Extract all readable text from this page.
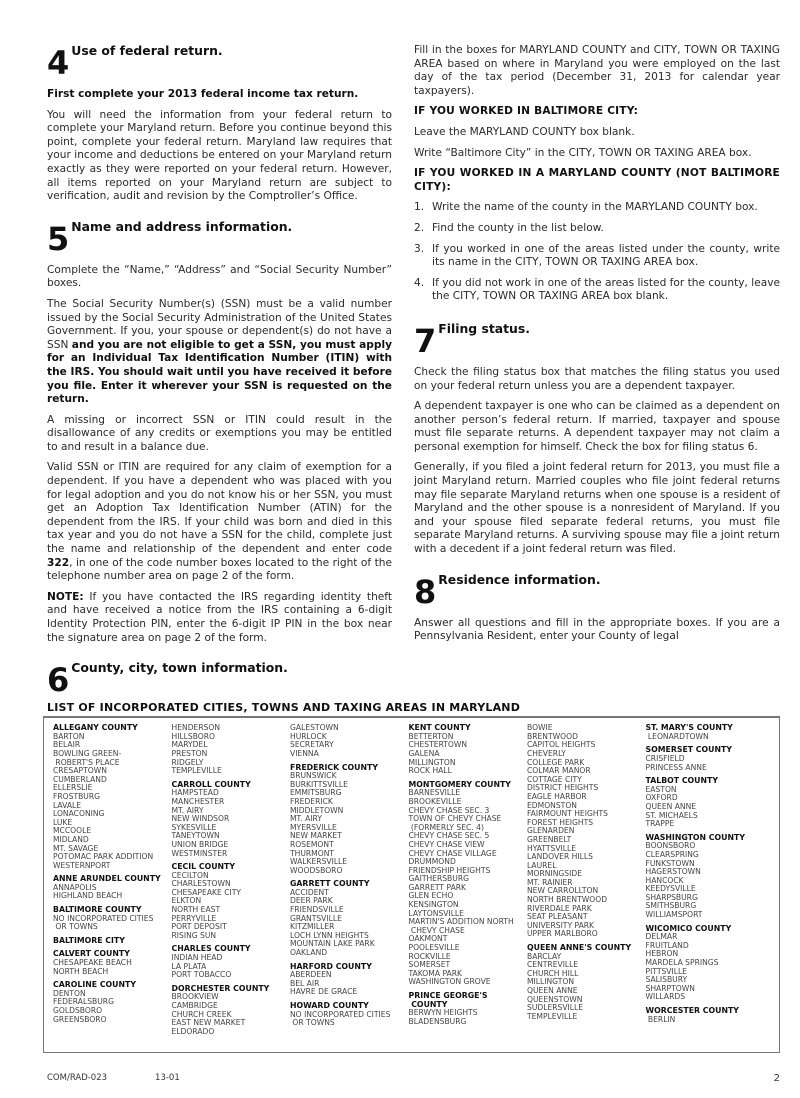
4 Use of federal return.

First complete your 2013 federal income tax return.

You will need the information from your federal return to complete your Maryland return. Before you continue beyond this point, complete your federal return. Maryland law requires that your income and deductions be entered on your Maryland return exactly as they were reported on your federal return. However, all items reported on your Maryland return are subject to verification, audit and revision by the Comptroller’s Office.

5 Name and address information.

Complete the “Name,” “Address” and “Social Security Number” boxes.

The Social Security Number(s) (SSN) must be a valid number issued by the Social Security Administration of the United States Government. If you, your spouse or dependent(s) do not have a SSN and you are not eligible to get a SSN, you must apply for an Individual Tax Identification Number (ITIN) with the IRS. You should wait until you have received it before you file. Enter it wherever your SSN is requested on the return.

A missing or incorrect SSN or ITIN could result in the disallowance of any credits or exemptions you may be entitled to and result in a balance due.

Valid SSN or ITIN are required for any claim of exemption for a dependent. If you have a dependent who was placed with you for legal adoption and you do not know his or her SSN, you must get an Adoption Tax Identification Number (ATIN) for the dependent from the IRS. If your child was born and died in this tax year and you do not have a SSN for the child, complete just the name and relationship of the dependent and enter code 322, in one of the code number boxes located to the right of the telephone number area on page 2 of the form.

NOTE: If you have contacted the IRS regarding identity theft and have received a notice from the IRS containing a 6-digit Identity Protection PIN, enter the 6-digit IP PIN in the box near the signature area on page 2 of the form.

6 County, city, town information.

Fill in the boxes for MARYLAND COUNTY and CITY, TOWN OR TAXING AREA based on where in Maryland you were employed on the last day of the tax period (December 31, 2013 for calendar year taxpayers).

IF YOU WORKED IN BALTIMORE CITY:

Leave the MARYLAND COUNTY box blank.

Write “Baltimore City” in the CITY, TOWN OR TAXING AREA box.

IF YOU WORKED IN A MARYLAND COUNTY (NOT BALTIMORE CITY):
1. Write the name of the county in the MARYLAND COUNTY box.
2. Find the county in the list below.
3. If you worked in one of the areas listed under the county, write its name in the CITY, TOWN OR TAXING AREA box.
4. If you did not work in one of the areas listed for the county, leave the CITY, TOWN OR TAXING AREA box blank.
7 Filing status.

Check the filing status box that matches the filing status you used on your federal return unless you are a dependent taxpayer.

A dependent taxpayer is one who can be claimed as a dependent on another person’s federal return. If married, taxpayer and spouse must file separate returns. A dependent taxpayer may not claim a personal exemption for himself. Check the box for filing status 6.

Generally, if you filed a joint federal return for 2013, you must file a joint Maryland return. Married couples who file joint federal returns may file separate Maryland returns when one spouse is a resident of Maryland and the other spouse is a nonresident of Maryland. If you and your spouse filed separate federal returns, you must file separate Maryland returns. A surviving spouse may file a joint return with a decedent if a joint federal return was filed.

8 Residence information.

Answer all questions and fill in the appropriate boxes. If you are a Pennsylvania Resident, enter your County of legal

LIST OF INCORPORATED CITIES, TOWNS AND TAXING AREAS IN MARYLAND
ALLEGANY COUNTY
BARTON
BELAIR
BOWLING GREEN-
ROBERT'S PLACE
CRESAPTOWN
CUMBERLAND
ELLERSLIE
FROSTBURG
LAVALE
LONACONING
LUKE
MCCOOLE
MIDLAND
MT. SAVAGE
POTOMAC PARK ADDITION
WESTERNPORT
ANNE ARUNDEL COUNTY
ANNAPOLIS
HIGHLAND BEACH
BALTIMORE COUNTY
NO INCORPORATED CITIES
OR TOWNS
BALTIMORE CITY
CALVERT COUNTY
CHESAPEAKE BEACH
NORTH BEACH
CAROLINE COUNTY
DENTON
FEDERALSBURG
GOLDSBORO
GREENSBORO
HENDERSON
HILLSBORO
MARYDEL
PRESTON
RIDGELY
TEMPLEVILLE
CARROLL COUNTY
HAMPSTEAD
MANCHESTER
MT. AIRY
NEW WINDSOR
SYKESVILLE
TANEYTOWN
UNION BRIDGE
WESTMINSTER
CECIL COUNTY
CECILTON
CHARLESTOWN
CHESAPEAKE CITY
ELKTON
NORTH EAST
PERRYVILLE
PORT DEPOSIT
RISING SUN
CHARLES COUNTY
INDIAN HEAD
LA PLATA
PORT TOBACCO
DORCHESTER COUNTY
BROOKVIEW
CAMBRIDGE
CHURCH CREEK
EAST NEW MARKET
ELDORADO
GALESTOWN
HURLOCK
SECRETARY
VIENNA
FREDERICK COUNTY
BRUNSWICK
BURKITTSVILLE
EMMITSBURG
FREDERICK
MIDDLETOWN
MT. AIRY
MYERSVILLE
NEW MARKET
ROSEMONT
THURMONT
WALKERSVILLE
WOODSBORO
GARRETT COUNTY
ACCIDENT
DEER PARK
FRIENDSVILLE
GRANTSVILLE
KITZMILLER
LOCH LYNN HEIGHTS
MOUNTAIN LAKE PARK
OAKLAND
HARFORD COUNTY
ABERDEEN
BEL AIR
HAVRE DE GRACE
HOWARD COUNTY
NO INCORPORATED CITIES
OR TOWNS
KENT COUNTY
BETTERTON
CHESTERTOWN
GALENA
MILLINGTON
ROCK HALL
MONTGOMERY COUNTY
BARNESVILLE
BROOKEVILLE
CHEVY CHASE SEC. 3
TOWN OF CHEVY CHASE
(FORMERLY SEC. 4)
CHEVY CHASE SEC. 5
CHEVY CHASE VIEW
CHEVY CHASE VILLAGE
DRUMMOND
FRIENDSHIP HEIGHTS
GAITHERSBURG
GARRETT PARK
GLEN ECHO
KENSINGTON
LAYTONSVILLE
MARTIN'S ADDITION NORTH
CHEVY CHASE
OAKMONT
POOLESVILLE
ROCKVILLE
SOMERSET
TAKOMA PARK
WASHINGTON GROVE
PRINCE GEORGE'S
COUNTY
BERWYN HEIGHTS
BLADENSBURG
BOWIE
BRENTWOOD
CAPITOL HEIGHTS
CHEVERLY
COLLEGE PARK
COLMAR MANOR
COTTAGE CITY
DISTRICT HEIGHTS
EAGLE HARBOR
EDMONSTON
FAIRMOUNT HEIGHTS
FOREST HEIGHTS
GLENARDEN
GREENBELT
HYATTSVILLE
LANDOVER HILLS
LAUREL
MORNINGSIDE
MT. RAINIER
NEW CARROLLTON
NORTH BRENTWOOD
RIVERDALE PARK
SEAT PLEASANT
UNIVERSITY PARK
UPPER MARLBORO
QUEEN ANNE'S COUNTY
BARCLAY
CENTREVILLE
CHURCH HILL
MILLINGTON
QUEEN ANNE
QUEENSTOWN
SUDLERSVILLE
TEMPLEVILLE
ST. MARY'S COUNTY
LEONARDTOWN
SOMERSET COUNTY
CRISFIELD
PRINCESS ANNE
TALBOT COUNTY
EASTON
OXFORD
QUEEN ANNE
ST. MICHAELS
TRAPPE
WASHINGTON COUNTY
BOONSBORO
CLEARSPRING
FUNKSTOWN
HAGERSTOWN
HANCOCK
KEEDYSVILLE
SHARPSBURG
SMITHSBURG
WILLIAMSPORT
WICOMICO COUNTY
DELMAR
FRUITLAND
HEBRON
MARDELA SPRINGS
PITTSVILLE
SALISBURY
SHARPTOWN
WILLARDS
WORCESTER COUNTY
BERLIN
COM/RAD-023	13-01	2
